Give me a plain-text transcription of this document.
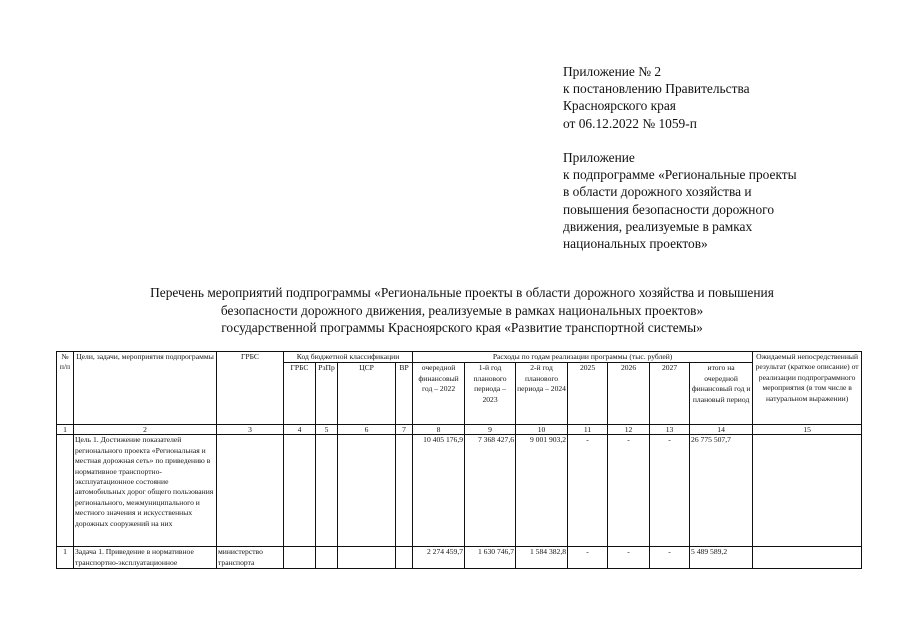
Приложение № 2
к постановлению Правительства
Красноярского края
от 06.12.2022 № 1059-п
Приложение
к подпрограмме «Региональные проекты
в области дорожного хозяйства и
повышения безопасности дорожного
движения, реализуемые в рамках
национальных проектов»
Перечень мероприятий подпрограммы «Региональные проекты в области дорожного хозяйства и повышения
безопасности дорожного движения, реализуемые в рамках национальных проектов»
государственной программы Красноярского края «Развитие транспортной системы»
№ п/п	Цели, задачи, мероприятия подпрограммы	ГРБС	Код бюджетной классификации				Расходы по годам реализации программы (тыс. рублей)							Ожидаемый непосредственный результат (краткое описание) от реализации подпрограммного мероприятия (в том числе в натуральном выражении)
			ГРБС	РзПр	ЦСР	ВР	очередной финансовый год – 2022	1-й год планового периода – 2023	2-й год планового периода – 2024	2025	2026	2027	итого на очередной финансовый год и плановый период	
1	2	3	4	5	6	7	8	9	10	11	12	13	14	15
	Цель 1. Достижение показателей регионального проекта «Региональная и местная дорожная сеть» по приведению в нормативное транспортно-эксплуатационное состояние автомобильных дорог общего пользования регионального, межмуниципального и местного значения и искусственных дорожных сооружений на них						10 405 176,9	7 368 427,6	9 001 903,2	-	-	-	26 775 507,7	
1	Задача 1. Приведение в нормативное транспортно-эксплуатационное	министерство транспорта					2 274 459,7	1 630 746,7	1 584 382,8	-	-	-	5 489 589,2	
